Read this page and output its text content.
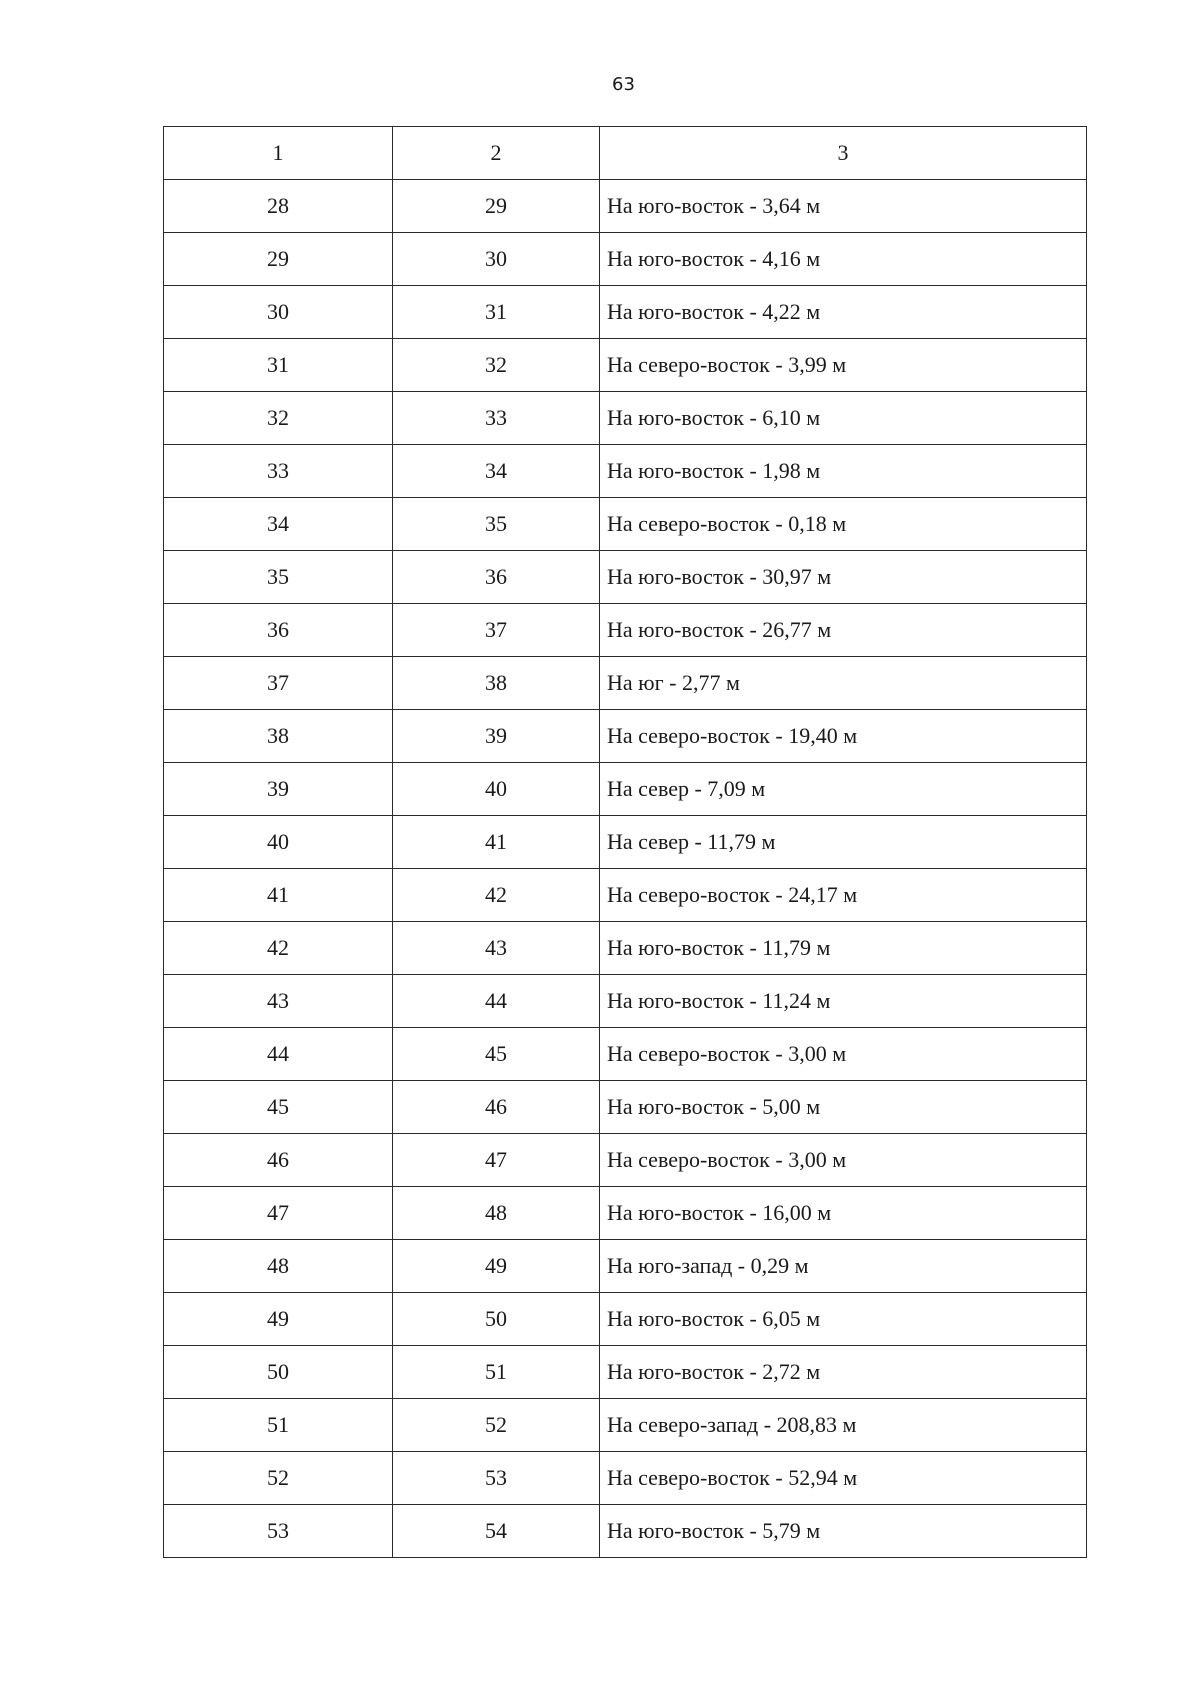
63
1	2	3
28	29	На юго-восток - 3,64 м
29	30	На юго-восток - 4,16 м
30	31	На юго-восток - 4,22 м
31	32	На северо-восток - 3,99 м
32	33	На юго-восток - 6,10 м
33	34	На юго-восток - 1,98 м
34	35	На северо-восток - 0,18 м
35	36	На юго-восток - 30,97 м
36	37	На юго-восток - 26,77 м
37	38	На юг - 2,77 м
38	39	На северо-восток - 19,40 м
39	40	На север - 7,09 м
40	41	На север - 11,79 м
41	42	На северо-восток - 24,17 м
42	43	На юго-восток - 11,79 м
43	44	На юго-восток - 11,24 м
44	45	На северо-восток - 3,00 м
45	46	На юго-восток - 5,00 м
46	47	На северо-восток - 3,00 м
47	48	На юго-восток - 16,00 м
48	49	На юго-запад - 0,29 м
49	50	На юго-восток - 6,05 м
50	51	На юго-восток - 2,72 м
51	52	На северо-запад - 208,83 м
52	53	На северо-восток - 52,94 м
53	54	На юго-восток - 5,79 м
